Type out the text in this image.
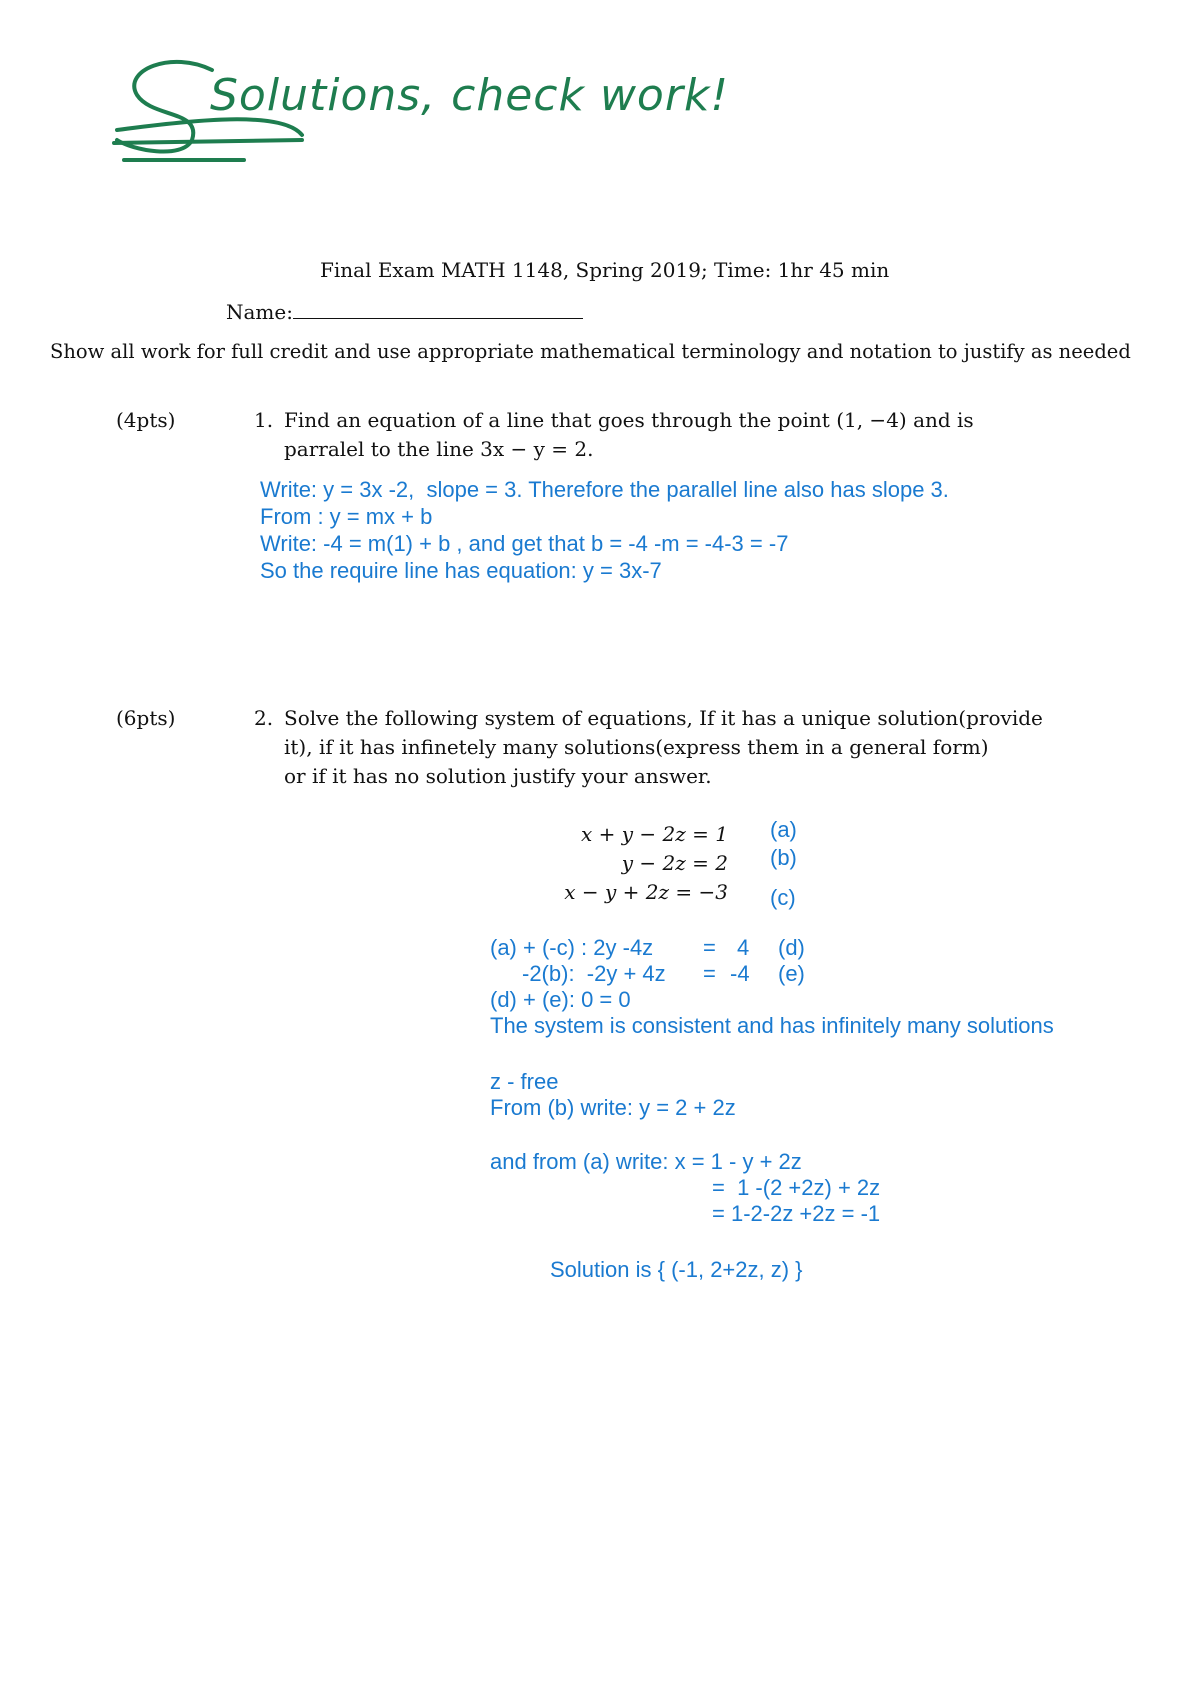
Solutions, check work!
Final Exam MATH 1148, Spring 2019; Time: 1hr 45 min
Name:
Show all work for full credit and use appropriate mathematical terminology and notation to justify as needed
(4pts)	1. Find an equation of a line that goes through the point (1, −4) and is
parralel to the line 3x − y = 2.
Write: y = 3x -2,  slope = 3. Therefore the parallel line also has slope 3.
From : y = mx + b
Write: -4 = m(1) + b , and get that b = -4 -m = -4-3 = -7
So the require line has equation: y = 3x-7
(6pts)	2. Solve the following system of equations, If it has a unique solution(provide
it), if it has infinetely many solutions(express them in a general form)
or if it has no solution justify your answer.
x + y − 2z = 1
y − 2z = 2
x − y + 2z = −3
(a)
(b)
(c)
(a) + (-c) : 2y -4z = 4 (d)
-2(b):  -2y + 4z = -4 (e)
(d) + (e): 0 = 0
The system is consistent and has infinitely many solutions
z - free
From (b) write: y = 2 + 2z
and from (a) write: x = 1 - y + 2z
=  1 -(2 +2z) + 2z
= 1-2-2z +2z = -1
Solution is { (-1, 2+2z, z) }
